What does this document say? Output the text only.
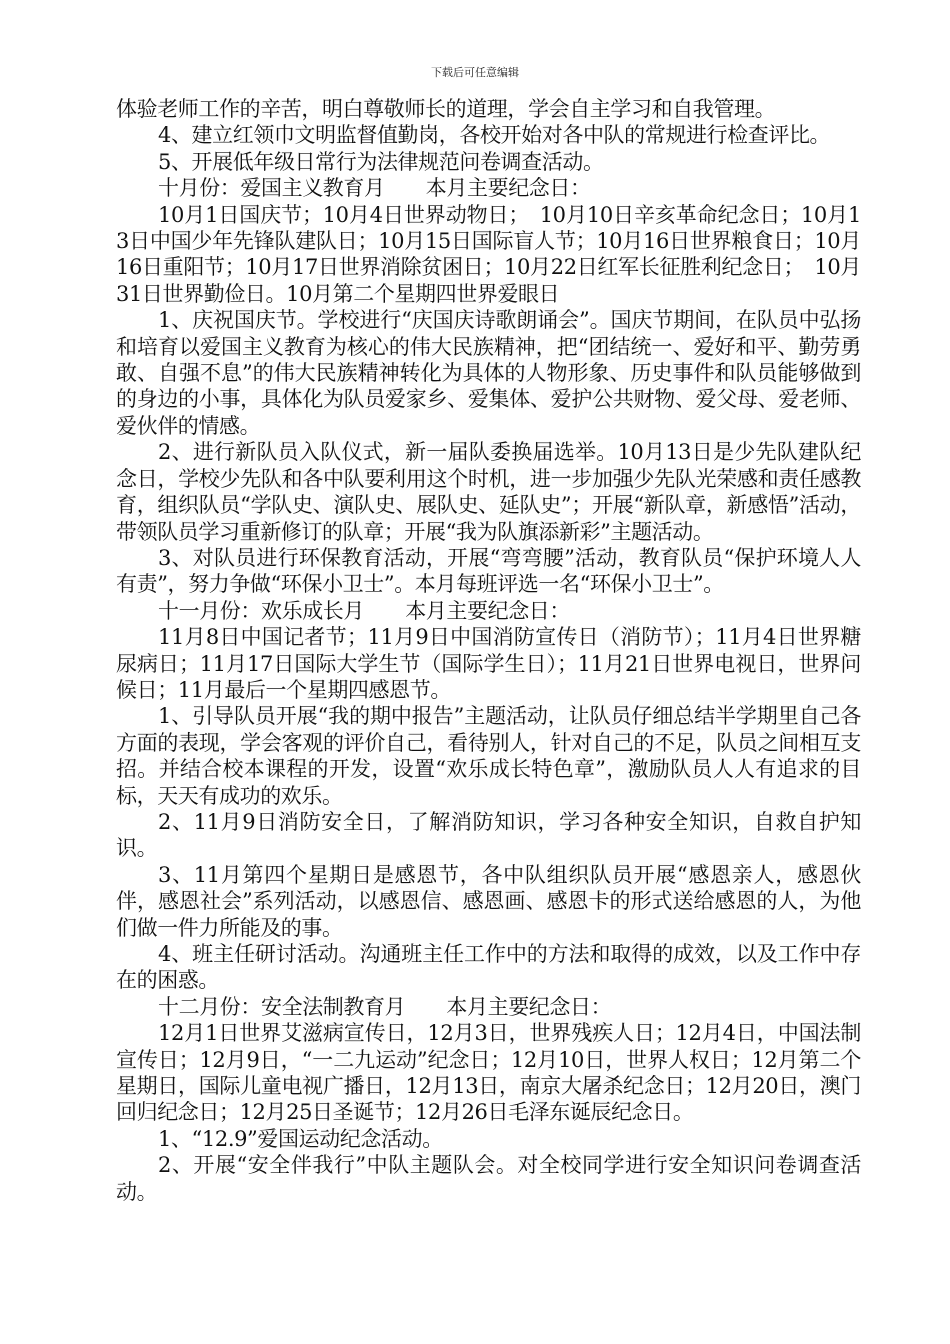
下载后可任意编辑

体验老师工作的辛苦，明白尊敬师长的道理，学会自主学习和自我管理。

4、建立红领巾文明监督值勤岗，各校开始对各中队的常规进行检查评比。

5、开展低年级日常行为法律规范问卷调查活动。

十月份：爱国主义教育月　　本月主要纪念日：

10月1日国庆节；10月4日世界动物日；　10月10日辛亥革命纪念日；10月13日中国少年先锋队建队日；10月15日国际盲人节；10月16日世界粮食日；10月16日重阳节；10月17日世界消除贫困日；10月22日红军长征胜利纪念日；　10月31日世界勤俭日。10月第二个星期四世界爱眼日

1、庆祝国庆节。学校进行“庆国庆诗歌朗诵会”。国庆节期间，在队员中弘扬和培育以爱国主义教育为核心的伟大民族精神，把“团结统一、爱好和平、勤劳勇敢、自强不息”的伟大民族精神转化为具体的人物形象、历史事件和队员能够做到的身边的小事，具体化为队员爱家乡、爱集体、爱护公共财物、爱父母、爱老师、爱伙伴的情感。

2、进行新队员入队仪式，新一届队委换届选举。10月13日是少先队建队纪念日，学校少先队和各中队要利用这个时机，进一步加强少先队光荣感和责任感教育，组织队员“学队史、演队史、展队史、延队史”；开展“新队章，新感悟”活动，带领队员学习重新修订的队章；开展“我为队旗添新彩”主题活动。

3、对队员进行环保教育活动，开展“弯弯腰”活动，教育队员“保护环境人人有责”，努力争做“环保小卫士”。本月每班评选一名“环保小卫士”。

十一月份：欢乐成长月　　本月主要纪念日：

11月8日中国记者节；11月9日中国消防宣传日（消防节）；11月4日世界糖尿病日；11月17日国际大学生节（国际学生日）；11月21日世界电视日，世界问候日；11月最后一个星期四感恩节。

1、引导队员开展“我的期中报告”主题活动，让队员仔细总结半学期里自己各方面的表现，学会客观的评价自己，看待别人，针对自己的不足，队员之间相互支招。并结合校本课程的开发，设置“欢乐成长特色章”，激励队员人人有追求的目标，天天有成功的欢乐。

2、11月9日消防安全日，了解消防知识，学习各种安全知识，自救自护知识。

3、11月第四个星期日是感恩节，各中队组织队员开展“感恩亲人，感恩伙伴，感恩社会”系列活动，以感恩信、感恩画、感恩卡的形式送给感恩的人，为他们做一件力所能及的事。

4、班主任研讨活动。沟通班主任工作中的方法和取得的成效，以及工作中存在的困惑。

十二月份：安全法制教育月　　本月主要纪念日：

12月1日世界艾滋病宣传日，12月3日，世界残疾人日；12月4日，中国法制宣传日；12月9日，“一二九运动”纪念日；12月10日，世界人权日；12月第二个星期日，国际儿童电视广播日，12月13日，南京大屠杀纪念日；12月20日，澳门回归纪念日；12月25日圣诞节；12月26日毛泽东诞辰纪念日。

1、“12.9”爱国运动纪念活动。

2、开展“安全伴我行”中队主题队会。对全校同学进行安全知识问卷调查活动。
